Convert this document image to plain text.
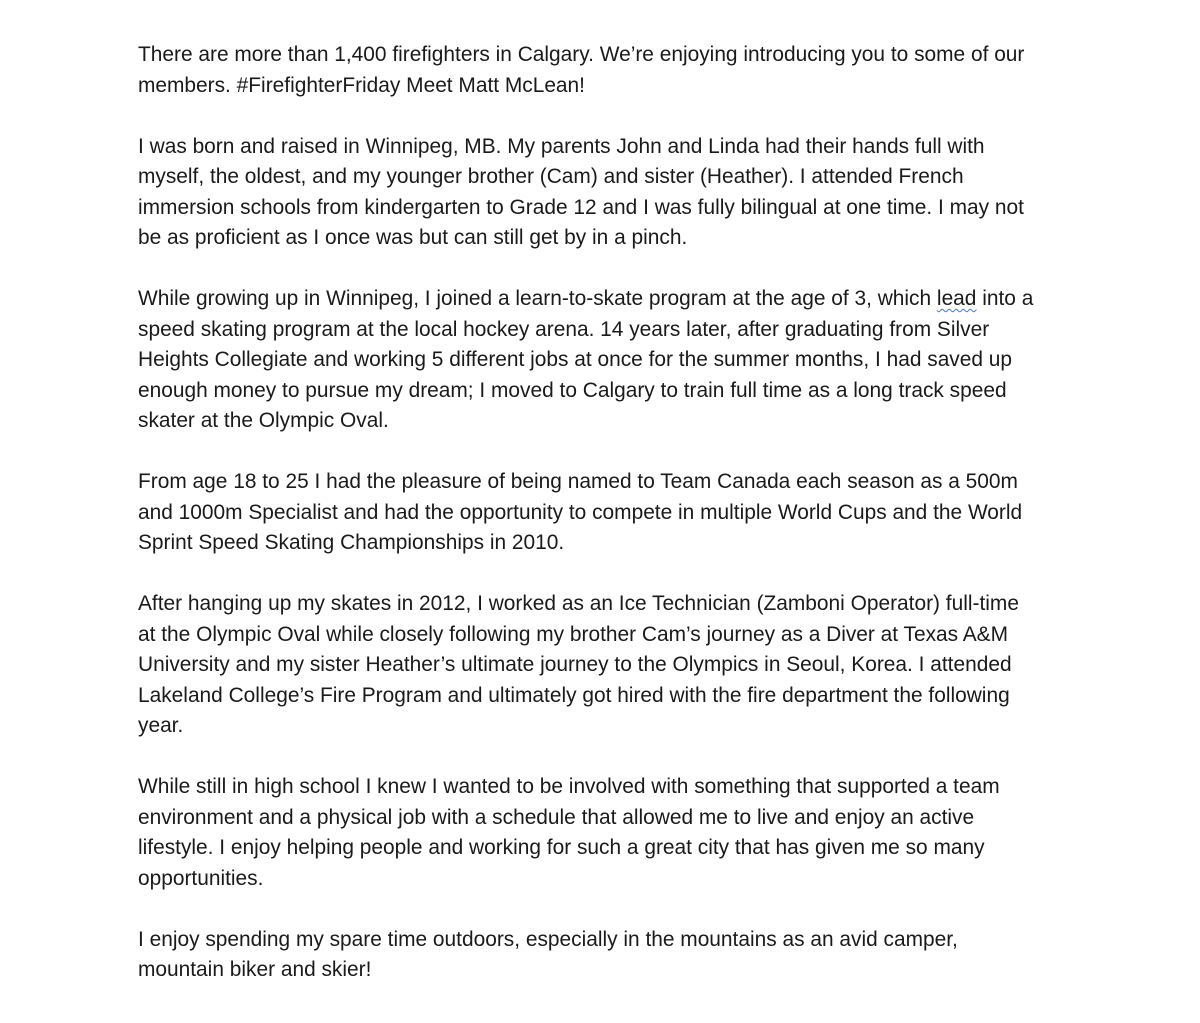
There are more than 1,400 firefighters in Calgary. We’re enjoying introducing you to some of our
members. #FirefighterFriday Meet Matt McLean!

I was born and raised in Winnipeg, MB. My parents John and Linda had their hands full with
myself, the oldest, and my younger brother (Cam) and sister (Heather). I attended French
immersion schools from kindergarten to Grade 12 and I was fully bilingual at one time. I may not
be as proficient as I once was but can still get by in a pinch.

While growing up in Winnipeg, I joined a learn-to-skate program at the age of 3, which lead into a
speed skating program at the local hockey arena. 14 years later, after graduating from Silver
Heights Collegiate and working 5 different jobs at once for the summer months, I had saved up
enough money to pursue my dream; I moved to Calgary to train full time as a long track speed
skater at the Olympic Oval.

From age 18 to 25 I had the pleasure of being named to Team Canada each season as a 500m
and 1000m Specialist and had the opportunity to compete in multiple World Cups and the World
Sprint Speed Skating Championships in 2010.

After hanging up my skates in 2012, I worked as an Ice Technician (Zamboni Operator) full-time
at the Olympic Oval while closely following my brother Cam’s journey as a Diver at Texas A&M
University and my sister Heather’s ultimate journey to the Olympics in Seoul, Korea. I attended
Lakeland College’s Fire Program and ultimately got hired with the fire department the following
year.

While still in high school I knew I wanted to be involved with something that supported a team
environment and a physical job with a schedule that allowed me to live and enjoy an active
lifestyle. I enjoy helping people and working for such a great city that has given me so many
opportunities.

I enjoy spending my spare time outdoors, especially in the mountains as an avid camper,
mountain biker and skier!
